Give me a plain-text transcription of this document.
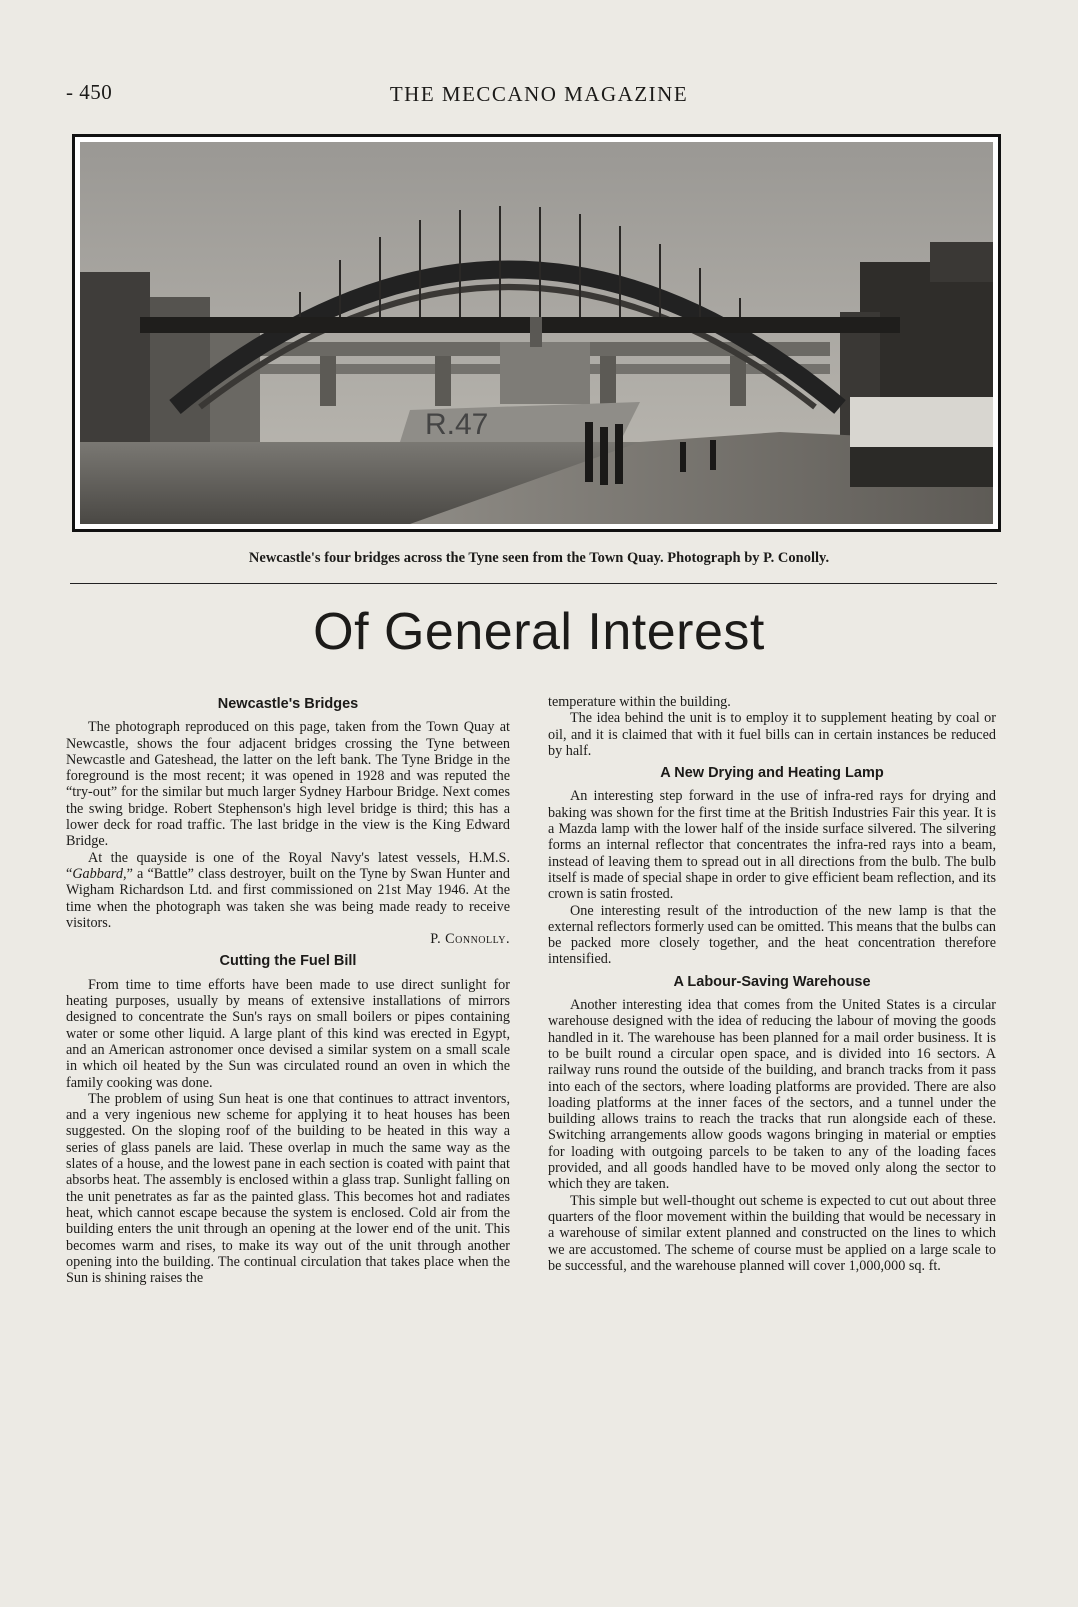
- 450	THE MECCANO MAGAZINE
R.47
Newcastle's four bridges across the Tyne seen from the Town Quay. Photograph by P. Conolly.
Of General Interest
Newcastle's Bridges

The photograph reproduced on this page, taken from the Town Quay at Newcastle, shows the four adjacent bridges crossing the Tyne between Newcastle and Gateshead, the latter on the left bank. The Tyne Bridge in the foreground is the most recent; it was opened in 1928 and was reputed the “try-out” for the similar but much larger Sydney Harbour Bridge. Next comes the swing bridge. Robert Stephenson's high level bridge is third; this has a lower deck for road traffic. The last bridge in the view is the King Edward Bridge.

At the quayside is one of the Royal Navy's latest vessels, H.M.S. “Gabbard,” a “Battle” class destroyer, built on the Tyne by Swan Hunter and Wigham Richardson Ltd. and first commissioned on 21st May 1946. At the time when the photograph was taken she was being made ready to receive visitors.

P. Connolly.
Cutting the Fuel Bill

From time to time efforts have been made to use direct sunlight for heating purposes, usually by means of extensive installations of mirrors designed to concentrate the Sun's rays on small boilers or pipes containing water or some other liquid. A large plant of this kind was erected in Egypt, and an American astronomer once devised a similar system on a small scale in which oil heated by the Sun was circulated round an oven in which the family cooking was done.

The problem of using Sun heat is one that continues to attract inventors, and a very ingenious new scheme for applying it to heat houses has been suggested. On the sloping roof of the building to be heated in this way a series of glass panels are laid. These overlap in much the same way as the slates of a house, and the lowest pane in each section is coated with paint that absorbs heat. The assembly is enclosed within a glass trap. Sunlight falling on the unit penetrates as far as the painted glass. This becomes hot and radiates heat, which cannot escape because the system is enclosed. Cold air from the building enters the unit through an opening at the lower end of the unit. This becomes warm and rises, to make its way out of the unit through another opening into the building. The continual circulation that takes place when the Sun is shining raises the

temperature within the building.

The idea behind the unit is to employ it to supplement heating by coal or oil, and it is claimed that with it fuel bills can in certain instances be reduced by half.

A New Drying and Heating Lamp

An interesting step forward in the use of infra-red rays for drying and baking was shown for the first time at the British Industries Fair this year. It is a Mazda lamp with the lower half of the inside surface silvered. The silvering forms an internal reflector that concentrates the infra-red rays into a beam, instead of leaving them to spread out in all directions from the bulb. The bulb itself is made of special shape in order to give efficient beam reflection, and its crown is satin frosted.

One interesting result of the introduction of the new lamp is that the external reflectors formerly used can be omitted. This means that the bulbs can be packed more closely together, and the heat concentration therefore intensified.

A Labour-Saving Warehouse

Another interesting idea that comes from the United States is a circular warehouse designed with the idea of reducing the labour of moving the goods handled in it. The warehouse has been planned for a mail order business. It is to be built round a circular open space, and is divided into 16 sectors. A railway runs round the outside of the building, and branch tracks from it pass into each of the sectors, where loading platforms are provided. There are also loading platforms at the inner faces of the sectors, and a tunnel under the building allows trains to reach the tracks that run alongside each of these. Switching arrangements allow goods wagons bringing in material or empties for loading with outgoing parcels to be taken to any of the loading faces provided, and all goods handled have to be moved only along the sector to which they are taken.

This simple but well-thought out scheme is expected to cut out about three quarters of the floor movement within the building that would be necessary in a warehouse of similar extent planned and constructed on the lines to which we are accustomed. The scheme of course must be applied on a large scale to be successful, and the warehouse planned will cover 1,000,000 sq. ft.
